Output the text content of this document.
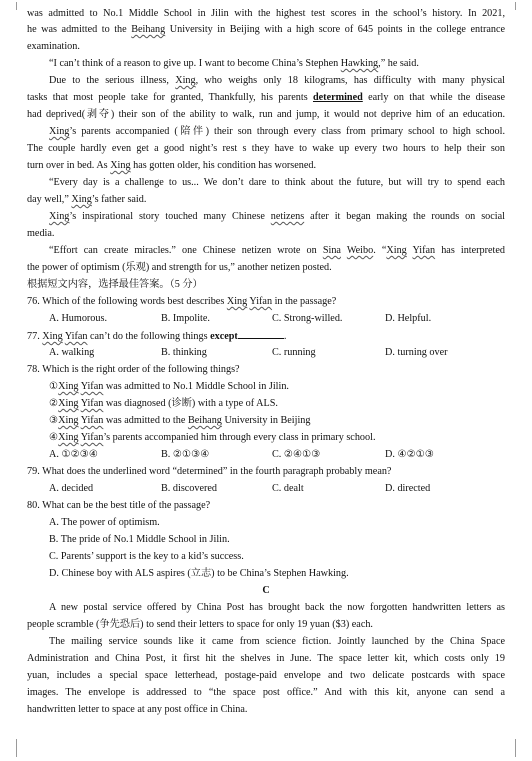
was admitted to No.1 Middle School in Jilin with the highest test scores in the school’s history. In 2021,
he was admitted to the Beihang University in Beijing with a high score of 645 points in the college entrance
examination.
“I can’t think of a reason to give up. I want to become China’s Stephen Hawking,” he said.
Due to the serious illness, Xing, who weighs only 18 kilograms, has difficulty with many physical
tasks that most people take for granted, Thankfully, his parents determined early on that while the disease
had deprived(剥夺) their son of the ability to walk, run and jump, it would not deprive him of an education.
Xing’s parents accompanied (陪伴) their son through every class from primary school to high school.
The couple hardly even get a good night’s rest s they have to wake up every two hours to help their son
turn over in bed. As Xing has gotten older, his condition has worsened.
“Every day is a challenge to us... We don’t dare to think about the future, but will try to spend each
day well,” Xing’s father said.
Xing’s inspirational story touched many Chinese netizens after it began making the rounds on social
media.
“Effort can create miracles.” one Chinese netizen wrote on Sina Weibo. “Xing Yifan has interpreted
the power of optimism (乐观) and strength for us,” another netizen posted.
根据短文内容，选择最佳答案。（5 分）
76. Which of the following words best describes Xing Yifan in the passage?
A. Humorous.	B. Impolite.	C. Strong-willed.	D. Helpful.
77. Xing Yifan can’t do the following things except	.
A. walking	B. thinking	C. running	D. turning over
78. Which is the right order of the following things?
①Xing Yifan was admitted to No.1 Middle School in Jilin.
②Xing Yifan was diagnosed (诊断) with a type of ALS.
③Xing Yifan was admitted to the Beihang University in Beijing
④Xing Yifan’s parents accompanied him through every class in primary school.
A. ①②③④	B. ②①③④	C. ②④①③	D. ④②①③
79. What does the underlined word “determined” in the fourth paragraph probably mean?
A. decided	B. discovered	C. dealt	D. directed
80. What can be the best title of the passage?
A. The power of optimism.
B. The pride of No.1 Middle School in Jilin.
C. Parents’ support is the key to a kid’s success.
D. Chinese boy with ALS aspires (立志) to be China’s Stephen Hawking.
C
A new postal service offered by China Post has brought back the now forgotten handwritten letters as
people scramble (争先恐后) to send their letters to space for only 19 yuan ($3) each.
The mailing service sounds like it came from science fiction. Jointly launched by the China Space
Administration and China Post, it first hit the shelves in June. The space letter kit, which costs only 19
yuan, includes a special space letterhead, postage-paid envelope and two delicate postcards with space
images. The envelope is addressed to “the space post office.” And with this kit, anyone can send a
handwritten letter to space at any post office in China.
